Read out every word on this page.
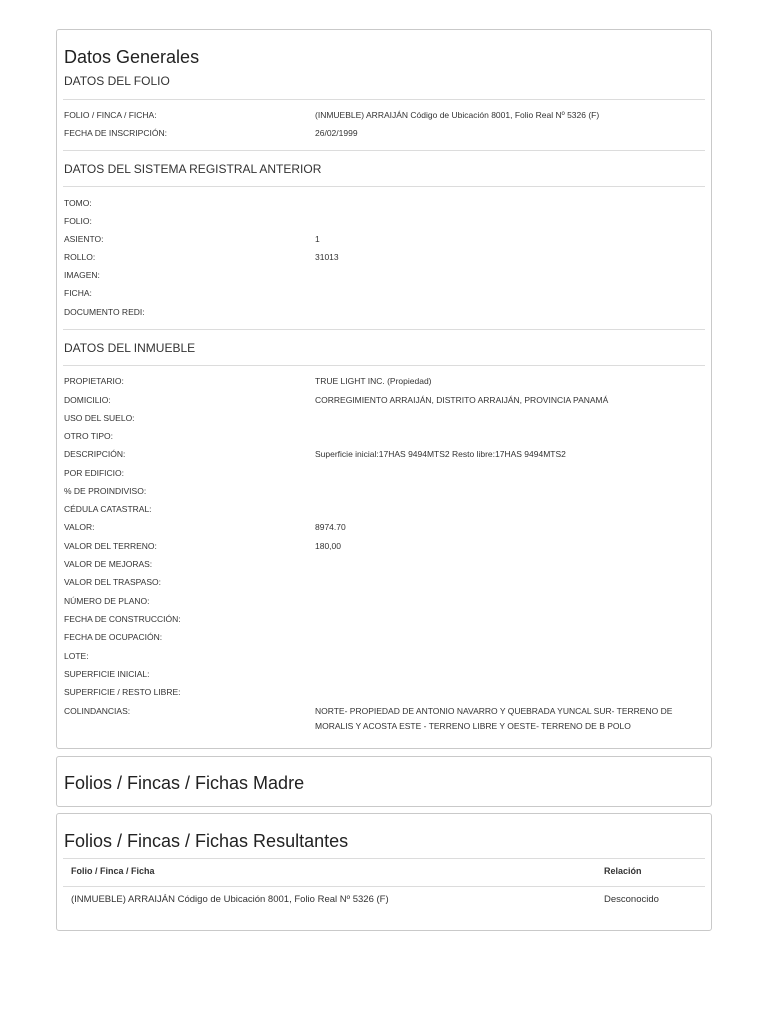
Datos Generales
DATOS DEL FOLIO
FOLIO / FINCA / FICHA:	(INMUEBLE) ARRAIJÁN Código de Ubicación 8001, Folio Real Nº 5326 (F)
FECHA DE INSCRIPCIÓN:	26/02/1999
DATOS DEL SISTEMA REGISTRAL ANTERIOR
TOMO:
FOLIO:
ASIENTO:	1
ROLLO:	31013
IMAGEN:
FICHA:
DOCUMENTO REDI:
DATOS DEL INMUEBLE
PROPIETARIO:	TRUE LIGHT INC. (Propiedad)
DOMICILIO:	CORREGIMIENTO ARRAIJÁN, DISTRITO ARRAIJÁN, PROVINCIA PANAMÁ
USO DEL SUELO:
OTRO TIPO:
DESCRIPCIÓN:	Superficie inicial:17HAS 9494MTS2 Resto libre:17HAS 9494MTS2
POR EDIFICIO:
% DE PROINDIVISO:
CÉDULA CATASTRAL:
VALOR:	8974.70
VALOR DEL TERRENO:	180,00
VALOR DE MEJORAS:
VALOR DEL TRASPASO:
NÚMERO DE PLANO:
FECHA DE CONSTRUCCIÓN:
FECHA DE OCUPACIÓN:
LOTE:
SUPERFICIE INICIAL:
SUPERFICIE / RESTO LIBRE:
COLINDANCIAS:	NORTE- PROPIEDAD DE ANTONIO NAVARRO Y QUEBRADA YUNCAL SUR- TERRENO DE MORALIS Y ACOSTA ESTE - TERRENO LIBRE Y OESTE- TERRENO DE B POLO
Folios / Fincas / Fichas Madre
Folios / Fincas / Fichas Resultantes
Folio / Finca / Ficha	Relación
(INMUEBLE) ARRAIJÁN Código de Ubicación 8001, Folio Real Nº 5326 (F)	Desconocido
